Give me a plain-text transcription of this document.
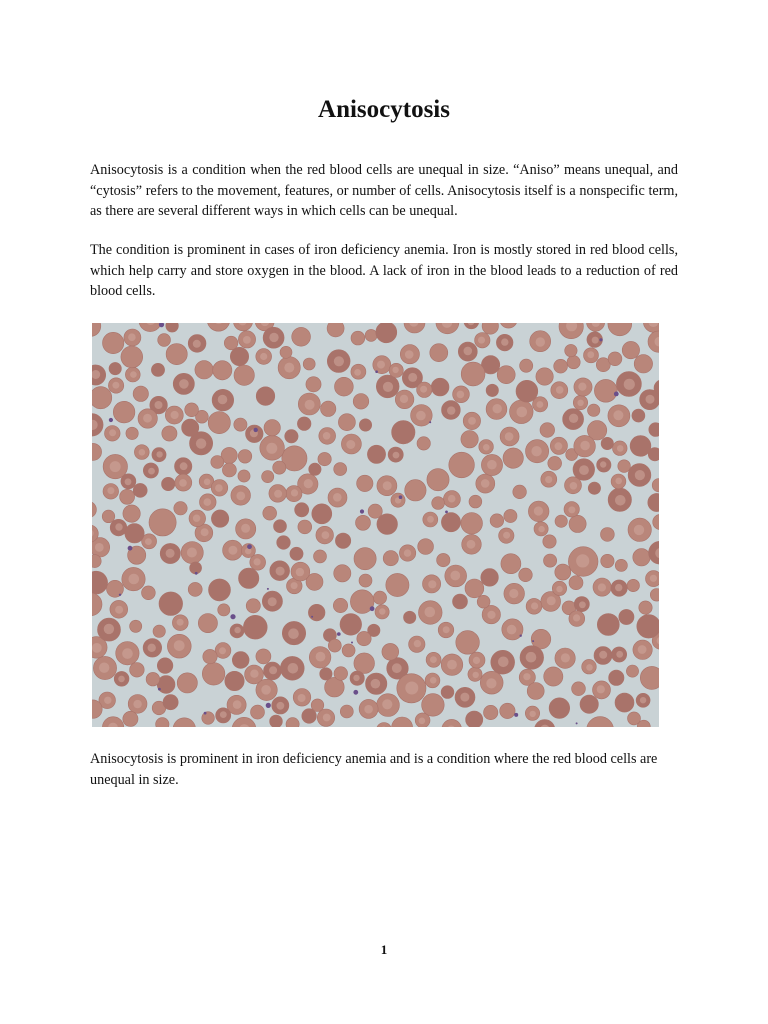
Anisocytosis

Anisocytosis is a condition when the red blood cells are unequal in size. “Aniso” means unequal, and “cytosis” refers to the movement, features, or number of cells. Anisocytosis itself is a nonspecific term, as there are several different ways in which cells can be unequal.

The condition is prominent in cases of iron deficiency anemia. Iron is mostly stored in red blood cells, which help carry and store oxygen in the blood. A lack of iron in the blood leads to a reduction of red blood cells.

Anisocytosis is prominent in iron deficiency anemia and is a condition where the red blood cells are unequal in size.

1
